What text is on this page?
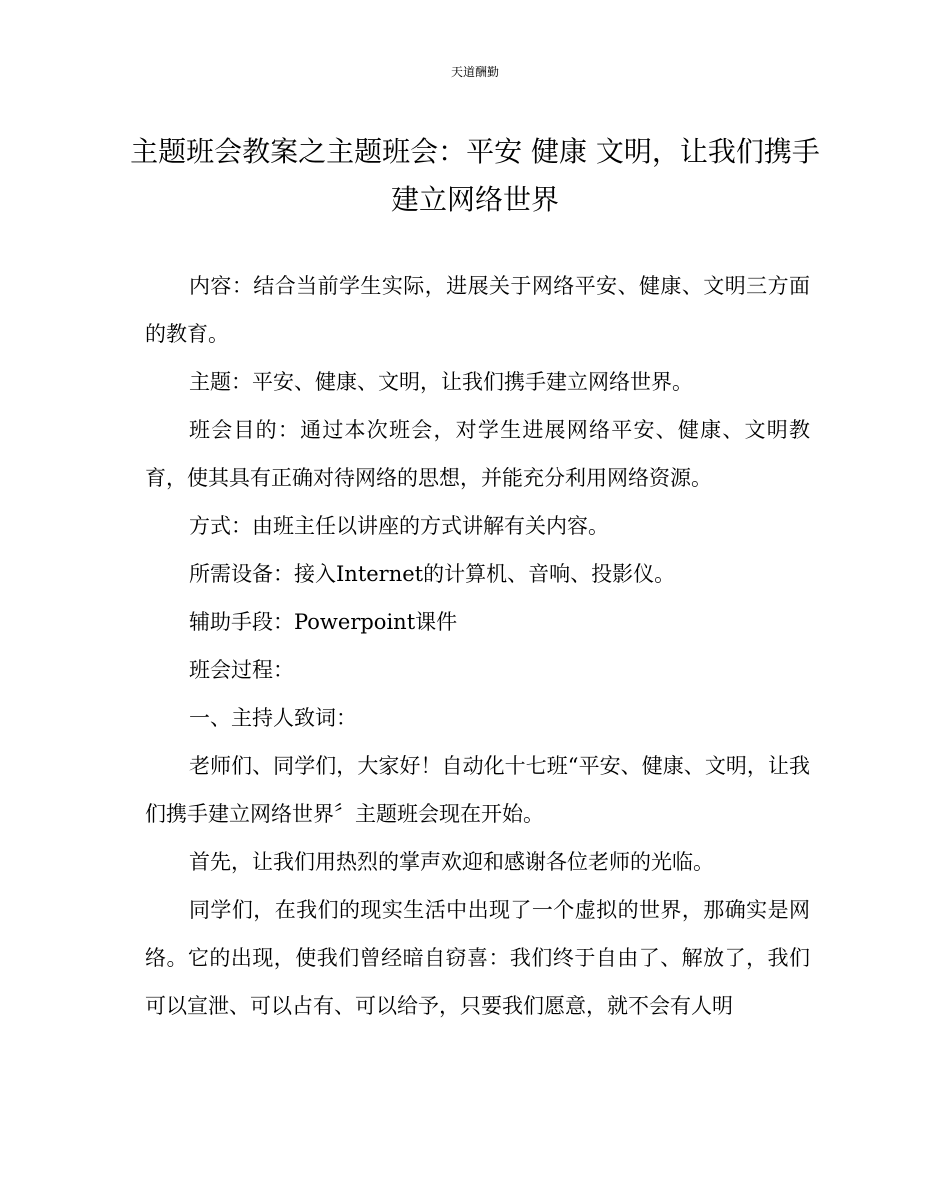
天道酬勤
主题班会教案之主题班会：平安 健康 文明，让我们携手建立网络世界

内容：结合当前学生实际，进展关于网络平安、健康、文明三方面的教育。

主题：平安、健康、文明，让我们携手建立网络世界。

班会目的：通过本次班会，对学生进展网络平安、健康、文明教育，使其具有正确对待网络的思想，并能充分利用网络资源。

方式：由班主任以讲座的方式讲解有关内容。

所需设备：接入Internet的计算机、音响、投影仪。

辅助手段：Powerpoint课件

班会过程：

一、主持人致词：

老师们、同学们，大家好！自动化十七班“平安、健康、文明，让我们携手建立网络世界〞主题班会现在开始。

首先，让我们用热烈的掌声欢迎和感谢各位老师的光临。

同学们，在我们的现实生活中出现了一个虚拟的世界，那确实是网络。它的出现，使我们曾经暗自窃喜：我们终于自由了、解放了，我们可以宣泄、可以占有、可以给予，只要我们愿意，就不会有人明
